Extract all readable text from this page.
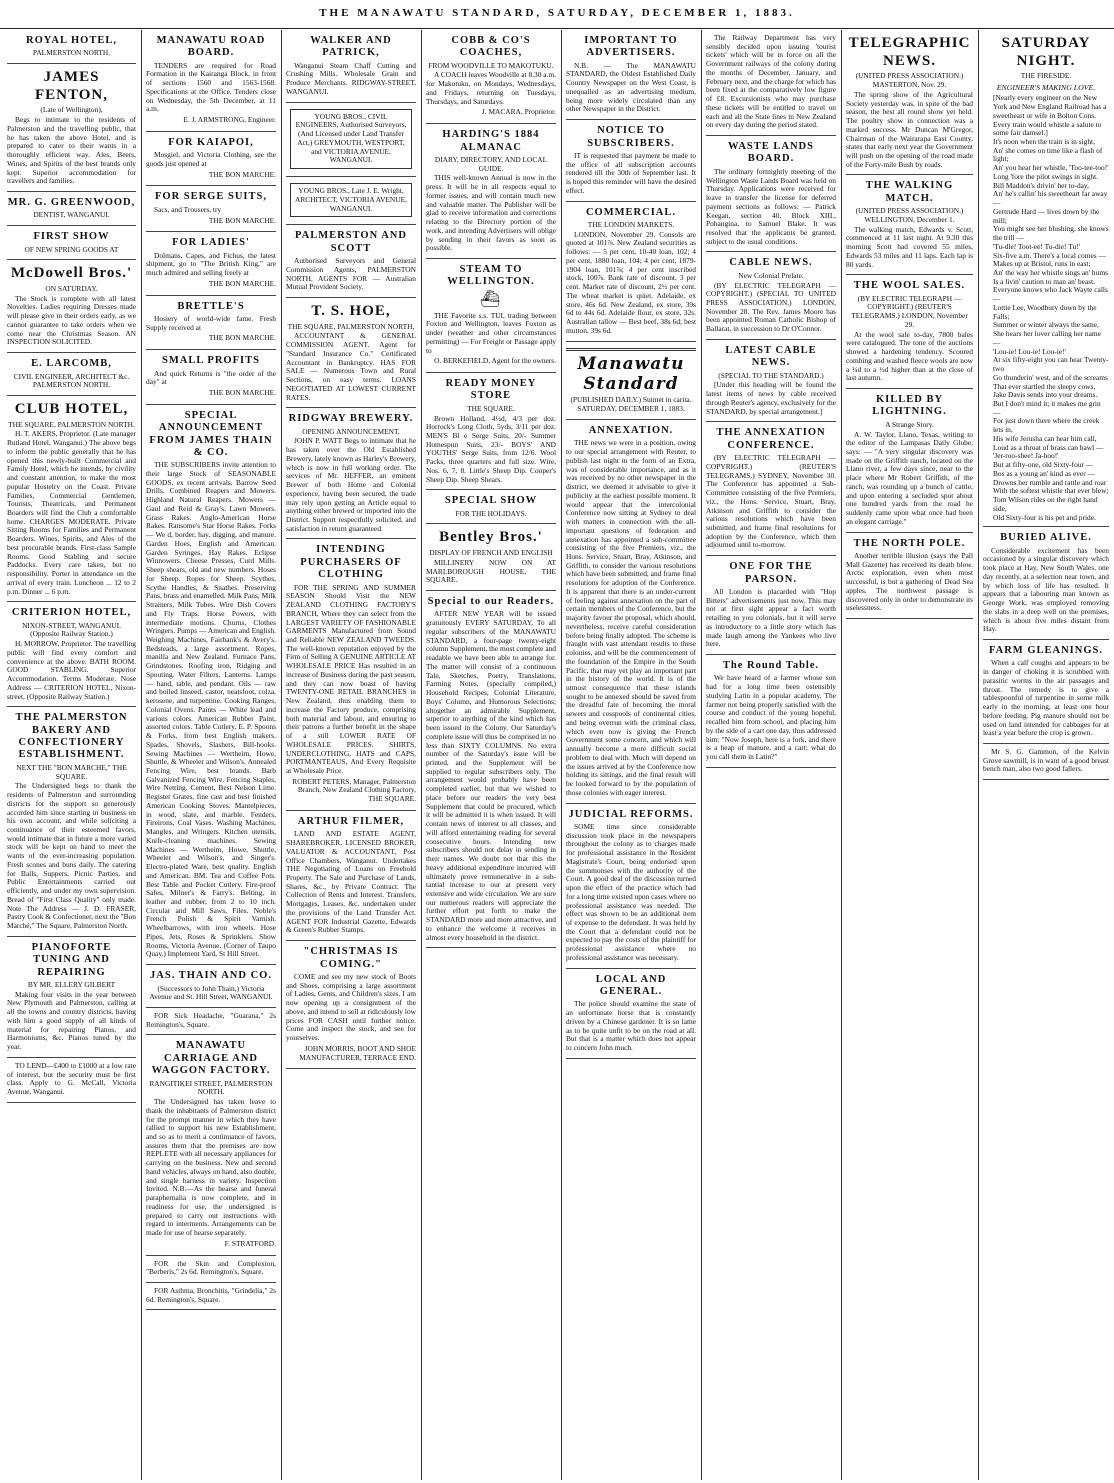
THE MANAWATU STANDARD, SATURDAY, DECEMBER 1, 1883.
ROYAL HOTEL,
PALMERSTON NORTH.
JAMES FENTON,
(Late of Wellington),
Begs to intimate to the residents of Palmerston and the travelling public, that he has taken the above Hotel, and is prepared to cater to their wants in a thoroughly efficient way. Ales, Beers, Wines, and Spirits of the best brands only kept. Superior accommodation for travellers and families.
MR. G. GREENWOOD,
DENTIST, WANGANUI.
FIRST SHOW
OF NEW SPRING GOODS AT
McDowell Bros.'
ON SATURDAY.
The Stock is complete with all latest Novelties. Ladies requiring Dresses made will please give in their orders early, as we cannot guarantee to take orders when we come near the Christmas Season. AN INSPECTION SOLICITED.
E. LARCOMB,
CIVIL ENGINEER, ARCHITECT &c. PALMERSTON NORTH.
CLUB HOTEL,
THE SQUARE, PALMERSTON NORTH.
H. T. AKERS, Proprietor. (Late manager Rutland Hotel, Wanganui.) The above begs to inform the public generally that he has opened this newly-built Commercial and Family Hotel, which he intends, by civility and constant attention, to make the most popular Hostelry on the Coast. Private Families, Commercial Gentlemen, Tourists, Theatricals, and Permanent Boarders will find the Club a comfortable home. CHARGES MODERATE. Private Sitting Rooms for Families and Permanent Boarders. Wines, Spirits, and Ales of the best procurable brands. First-class Sample Rooms. Good Stabling and secure Paddocks. Every care taken, but no responsibility. Porter in attendance on the arrival of every train. Luncheon ... 12 to 2 p.m. Dinner ... 6 p.m.
CRITERION HOTEL,
NIXON-STREET, WANGANUI. (Opposite Railway Station.)
H. MORROW, Proprietor. The travelling public will find every comfort and convenience at the above. BATH ROOM. GOOD STABLING. Superior Accommodation. Terms Moderate. Nose Address — CRITERION HOTEL, Nixon-street, (Opposite Railway Station.)
THE PALMERSTON BAKERY AND CONFECTIONERY ESTABLISHMENT.
NEXT THE "BON MARCHE," THE SQUARE.
The Undersigned begs to thank the residents of Palmerston and surrounding districts for the support so generously accorded him since starting in business on his own account, and while soliciting a continuance of their esteemed favors, would intimate that in future a more varied stock will be kept on hand to meet the wants of the ever-increasing population. Fresh scones and buns daily. The catering for Balls, Suppers, Picnic Parties, and Public Entertainments carried out efficiently, and under my own supervision. Bread of "First Class Quality" only made. Note The Address — J. D. FRASER, Pastry Cook & Confectioner, next the "Bon Marché," The Square, Palmerston North.
PIANOFORTE TUNING AND REPAIRING
BY MR. ELLERY GILBERT
Making four visits in the year between New Plymouth and Palmerston, calling at all the towns and country districts, having with him a good supply of all kinds of material for repairing Pianos, and Harmoniums, &c. Pianos tuned by the year.
TO LEND—£400 to £1000 at a low rate of interest, but the security must be first class. Apply to G. McCall, Victoria Avenue, Wanganui.
MANAWATU ROAD BOARD.
TENDERS are required for Road Formation in the Kairanga Block, in front of sections 1560 and 1563-1568. Specifications at the Office. Tenders close on Wednesday, the 5th December, at 11 a.m.
E. J. ARMSTRONG, Engineer.
FOR KAIAPOI,
Mosgiel, and Victoria Clothing, see the goods just opened at
THE BON MARCHE.
FOR SERGE SUITS,
Sacs, and Trousers, try
THE BON MARCHE.
FOR LADIES'
Dolmans, Capes, and Fichus, the latest shipment, go to "The British King," are much admired and selling freely at
THE BON MARCHE.
BRETTLE'S
Hosiery of world-wide fame. Fresh Supply received at
THE BON MARCHE.
SMALL PROFITS
And quick Returns is "the order of the day" at
THE BON MARCHE.
SPECIAL ANNOUNCEMENT FROM JAMES THAIN & CO.
THE SUBSCRIBERS invite attention to their large Stock of SEASONABLE GOODS, ex recent arrivals. Barrow Seed Drills. Combined Reapers and Mowers. Highland Natural Reapers. Mowers — Gaul and Reid & Gray's. Lawn Mowers. Grass Rakes. Anglo-American Horse Rakes. Ransome's Star Horse Rakes. Forks — We d, border, hay, digging, and manure. Garden Hoes, English and American. Garden Syringes, Hay Rakes. Eclipse Winnowers. Cheese Presses, Curd Mills. Sheep shears, old and new numbers. Hoses for Sheep. Ropes for Sheep. Scythes, Scythe Handles, & Snathes. Preserving Pans, brass and enamelled. Milk Pans, Milk Strainers, Milk Tubes. Wire Dish Covers and Fly Traps. Horse Powers, with intermediate motions. Churns, Clothes Wringers. Pumps — American and English. Weighing Machines, Fairbank's & Avery's. Bedsteads, a large assortment. Ropes, manilla and New Zealand. Furnace Pans, Grindstones. Roofing iron, Ridging and Spouting. Water Filters, Lanterns. Lamps — hand, table, and pendant. Oils — raw and boiled linseed, castor, neatsfoot, colza, kerosene, and turpentine. Cooking Ranges, Colonial Ovens. Paints — White lead and various colors. American Rubber Paint, assorted colors. Table Cutlery, E. P. Spoons & Forks, from best English makers. Spades, Shovels, Slashers, Bill-hooks. Sewing Machines — Wertheim, Howe, Shuttle, & Wheeler and Wilson's. Annealed Fencing Wire, best brands. Barb Galvanized Fencing Wire. Fencing Staples, Wire Netting. Cement, Best Nelson Lime. Register Grates, fine cast and best finished American Cooking Stoves. Mantelpieces, in wood, slate, and marble. Fenders, Fireirons, Coal Vases. Washing Machines, Mangles, and Wringers. Kitchen utensils, Knife-cleaning machines. Sewing Machines — Wertheim, Howe, Shuttle, Wheeler and Wilson's, and Singer's. Electro-plated Ware, best quality. English and American. BM. Tea and Coffee Pots. Best Table and Pocket Cutlery. Fire-proof Safes, Milner's & Farry's. Belting, in leather and rubber, from 2 to 10 inch. Circular and Mill Saws, Files. Noble's French Polish & Spirit Varnish. Wheelbarrows, with iron wheels. Hose Pipes, Jets, Roses & Sprinklers. Show Rooms, Victoria Avenue. (Corner of Taupo Quay.) Implement Yard, St Hill Street.
JAS. THAIN AND CO.
(Successors to John Thain,) Victoria Avenue and St. Hill Street, WANGANUI.
FOR Sick Headache, "Guarana," 2s Remington's, Square.
MANAWATU CARRIAGE AND WAGGON FACTORY.
RANGITIKEI STREET, PALMERSTON NORTH.
The Undersigned has taken leave to thank the inhabitants of Palmerston district for the prompt manner in which they have rallied to support his new Establishment, and so as to merit a continuance of favors, assures them that the premises are now REPLETE with all necessary appliances for carrying on the business. New and second hand vehicles, always on hand, also double, and single harness in variety. Inspection Invited. N.B.—As the hearse and funeral paraphernalia is now complete, and in readiness for use, the undersigned is prepared to carry out instructions with regard to interments. Arrangements can be made for use of hearse separately.
F. STRATFORD.
FOR the Skin and Complexion, "Berberis," 2s 6d. Remington's, Square.
FOR Asthma, Bronchitis, "Grindelia," 2s 6d. Remington's, Square.
WALKER AND PATRICK,
Wanganui Steam Chaff Cutting and Crushing Mills. Wholesale Grain and Produce Merchants. RIDGWAY-STREET, WANGANUI.
YOUNG BROS., CIVIL ENGINEERS, Authorised Surveyors, (And Licensed under Land Transfer Act,) GREYMOUTH, WESTPORT, and VICTORIA AVENUE, WANGANUI.
YOUNG BROS., Late J. E. Wright, ARCHITECT, VICTORIA AVENUE, WANGANUI.
PALMERSTON AND SCOTT
Authorised Surveyors and General Commission Agents, PALMERSTON NORTH. AGENTS FOR — Australian Mutual Provident Society.
T. S. HOE,
THE SQUARE, PALMERSTON NORTH,
ACCOUNTANT & GENERAL COMMISSION AGENT. Agent for "Standard Insurance Co." Certificated Accountant in Bankruptcy. HAS FOR SALE — Numerous Town and Rural Sections, on easy terms. LOANS NEGOTIATED AT LOWEST CURRENT RATES.
RIDGWAY BREWERY.
OPENING ANNOUNCEMENT.
JOHN P. WATT Begs to intimate that he has taken over the Old Established Brewery, lately known as Harley's Brewery, which is now in full working order. The services of Mr. HEFFER, an eminent Brewer of both Home and Colonial experience, having been secured, the trade may rely upon getting an Article equal to anything either brewed or imported into the District. Support respectfully solicited, and satisfaction in return guaranteed.
INTENDING PURCHASERS OF CLOTHING
FOR THE SPRING AND SUMMER SEASON Should Visit the NEW ZEALAND CLOTHING FACTORY'S BRANCH, Where they can select from the LARGEST VARIETY OF FASHIONABLE GARMENTS Manufactured from Sound and Reliable NEW ZEALAND TWEEDS. The well-known reputation enjoyed by the Firm of Selling A GENUINE ARTICLE AT WHOLESALE PRICE Has resulted in an increase of Business during the past season, and they can now boast of having TWENTY-ONE RETAIL BRANCHES in New Zealand, thus enabling them to increase the Factory produce, comprising both material and labour, and ensuring to their patrons a further benefit in the shape of a still LOWER RATE OF WHOLESALE PRICES. SHIRTS, UNDERCLOTHING, HATS and CAPS, PORTMANTEAUS, And Every Requisite at Wholesale Price.
ROBERT PETERS, Manager, Palmerston Branch, New Zealand Clothing Factory, THE SQUARE.
ARTHUR FILMER,
LAND AND ESTATE AGENT, SHAREBROKER, LICENSED BROKER, VALUATOR & ACCOUNTANT, Post Office Chambers, Wanganui. Undertakes THE Negotiating of Loans on Freehold Property. The Sale and Purchase of Lands, Shares, &c., by Private Contract. The Collection of Rents and Interest. Transfers, Mortgages, Leases, &c. undertaken under the provisions of the Land Transfer Act. AGENT FOR Industrial Gazette, Edwards & Green's Rubber Stamps.
"CHRISTMAS IS COMING."
COME and see my new stock of Boots and Shoes, comprising a large assortment of Ladies, Gents, and Children's sizes. I am now opening up a consignment of the above, and intend to sell at ridiculously low prices FOR CASH until further notice. Come and inspect the stock, and see for yourselves.
JOHN MORRIS, BOOT AND SHOE MANUFACTURER, TERRACE END.
COBB & CO'S COACHES,
FROM WOODVILLE TO MAKOTUKU.
A COACH leaves Woodville at 8.30 a.m. for Makotuku, on Mondays, Wednesdays, and Fridays, returning on Tuesdays, Thursdays, and Saturdays.
J. MACARA, Proprietor.
HARDING'S 1884 ALMANAC
DIARY, DIRECTORY, AND LOCAL GUIDE.
THIS well-known Annual is now in the press. It will be in all respects equal to former issues, and will contain much new and valuable matter. The Publisher will be glad to receive information and corrections relating to the Directory portion of the work, and intending Advertisers will oblige by sending in their favors as soon as possible.
STEAM TO WELLINGTON.
⛴
THE Favorite s.s. TUI, trading between Foxton and Wellington, leaves Foxton as under (weather and other circumstances permitting) — For Freight or Passage apply to
O. BERKEFIELD, Agent for the owners.
READY MONEY STORE
THE SQUARE.
Brown Holland, 4½d, 4/3 per doz. Horrock's Long Cloth, 5yds, 3/11 per doz. MEN'S Bl e Serge Suits, 20/- Summer Homespun Suits, 23/- BOYS' AND YOUTHS' Serge Suits, from 12/6. Wool Packs, three quarters and full size. Wire, Nos. 6, 7, 8. Little's Sheep Dip. Cooper's Sheep Dip. Sheep Shears.
SPECIAL SHOW
FOR THE HOLIDAYS.
Bentley Bros.'
DISPLAY OF FRENCH AND ENGLISH
MILLINERY NOW ON AT MARLBOROUGH HOUSE, THE SQUARE.
Special to our Readers.
AFTER NEW YEAR will be issued gratuitously EVERY SATURDAY, To all regular subscribers of the MANAWATU STANDARD, a four-page twenty-eight column Supplement, the most complete and readable we have been able to arrange for. The matter will consist of a continuous Tale, Sketches, Poetry, Translations, Farming Notes, (specially compiled,) Household Recipes, Colonial Literature, Boys' Column, and Humorous Selections; altogether an admirable Supplement, superior to anything of the kind which has been issued in the Colony. Our Saturday's complete issue will thus be comprised in no less than SIXTY COLUMNS. No extra number of the Saturday's issue will be printed, and the Supplement will be supplied to regular subscribers only. The arrangement would probably have been completed earlier, but that we wished to place before our readers the very best Supplement that could be procured, which it will be admitted it is when issued. It will contain news of interest to all classes, and will afford entertaining reading for several consecutive hours. Intending new subscribers should not delay in sending in their names. We doubt not that this the heavy additional expenditure incurred will ultimately prove remunerative in a sub-tantial increase to our at present very extensive and wide circulation. We are sure our numerous readers will appreciate the further effort put forth to make the STANDARD more and more attractive, and to enhance the welcome it receives in almost every household in the district.
IMPORTANT TO ADVERTISERS.
N.B. — The MANAWATU STANDARD, the Oldest Established Daily Country Newspaper on the West Coast, is unequalled as an advertising medium, being more widely circulated than any other Newspaper in the District.
NOTICE TO SUBSCRIBERS.
IT is requested that payment be made to the office of all subscription accounts rendered till the 30th of September last. It is hoped this reminder will have the desired effect.
COMMERCIAL.
THE LONDON MARKETS.
LONDON, November 29. Consols are quoted at 101⅞. New Zealand securities as follows: — 5 per cent, 10-40 loan, 102; 4 per cent, 1880 loan, 104; 4 per cent, 1879-1904 loan, 101⅞; 4 per cent inscribed stock, 100⅞. Bank rate of discount, 3 per cent. Market rate of discount, 2½ per cent. The wheat market is quiet. Adelaide, ex store, 46s 6d. New Zealand, ex store, 39s 6d to 44s 6d. Adelaide flour, ex store, 32s. Australian tallow — Best beef, 38s 6d; best mutton, 39s 6d.
Manawatu Standard
(PUBLISHED DAILY.) Suimet in carita.
SATURDAY, DECEMBER 1, 1883.
ANNEXATION.
THE news we were in a position, owing to our special arrangement with Reuter, to publish last night in the form of an Extra, was of considerable importance, and as it was received by no other newspaper in the district, we deemed it advisable to give it publicity at the earliest possible moment. It would appear that the intercolonial Conference now sitting at Sydney to deal with matters in connection with the all-important questions of federation and annexation has appointed a sub-committee consisting of the five Premiers, viz., the Hons. Service, Stuart, Bray, Atkinson, and Griffith, to consider the various resolutions which have been submitted, and frame final resolutions for adoption of the Conference. It is apparent that there is an under-current of feeling against annexation on the part of certain members of the Conference, but the majority favour the proposal, which should, nevertheless, receive careful consideration before being finally adopted. The scheme is fraught with vast attendant results to these colonies, and will be the commencement of the foundation of the Empire in the South Pacific, that may yet play an important part in the history of the world. It is of the utmost consequence that these islands sought to be annexed should be saved from the dreadful fate of becoming the moral sewers and cesspools of continental cities, and being overrun with the criminal class, which even now is giving the French Government some concern, and which will annually become a more difficult social problem to deal with. Much will depend on the issues arrived at by the Conference now holding its sittings, and the final result will be looked forward to by the population of those colonies with eager interest.
JUDICIAL REFORMS.
SOME time since considerable discussion took place in the newspapers throughout the colony as to charges made for professional assistance in the Resident Magistrate's Court, being endorsed upon the summonses with the authority of the Court. A good deal of the discussion turned upon the effect of the practice which had for a long time existed upon cases where no professional assistance was needed. The effect was shown to be an additional item of expense to the defendant. It was held by the Court that a defendant could not be expected to pay the costs of the plaintiff for professional assistance where no professional assistance was necessary.
LOCAL AND GENERAL.
The police should examine the state of an unfortunate horse that is constantly driven by a Chinese gardener. It is so lame as to be quite unfit to be on the road at all. But that is a matter which does not appear to concern John much.
The Railway Department has very sensibly decided upon issuing 'tourist tickets' which will be in force on all the Government railways of the colony during the months of December, January, and February next, and the charge for which has been fixed at the comparatively low figure of £8. Excursionists who may purchase these tickets will be entitled to travel on each and all the State lines in New Zealand on every day during the period stated.
WASTE LANDS BOARD.
The ordinary fortnightly meeting of the Wellington Waste Lands Board was held on Thursday. Applications were received for leave to transfer the license for deferred payment sections as follows: — Patrick Keegan, section 40, Block XIII., Pohangina, to Samuel Blake. It was resolved that the applicants be granted, subject to the usual conditions.
CABLE NEWS.
New Colonial Prelate.
(BY ELECTRIC TELEGRAPH — COPYRIGHT.) (SPECIAL TO UNITED PRESS ASSOCIATION.) LONDON, November 28. The Rev. James Moore has been appointed Roman Catholic Bishop of Ballarat, in succession to Dr O'Connor.
LATEST CABLE NEWS.
(SPECIAL TO THE STANDARD.)
[Under this heading will be found the latest items of news by cable received through Reuter's agency, exclusively for the STANDARD, by special arrangement.]
THE ANNEXATION CONFERENCE.
(BY ELECTRIC TELEGRAPH — COPYRIGHT.) (REUTER'S TELEGRAMS.) SYDNEY, November 30. The Conference has appointed a Sub-Committee consisting of the five Premiers, viz., the Hons. Service, Stuart, Bray, Atkinson and Griffith to consider the various resolutions which have been submitted, and frame final resolutions for adoption by the Conference, which then adjourned until to-morrow.
ONE FOR THE PARSON.
All London is placarded with "Hop Bitters" advertisements just now. This may not at first sight appear a fact worth retailing to you colonials, but it will serve as introductory to a little story which has made laugh among the Yankees who live here.
The Round Table.
We have heard of a farmer whose son had for a long time been ostensibly studying Latin in a popular academy. The farmer not being properly satisfied with the course and conduct of the young hopeful, recalled him from school, and placing him by the side of a cart one day, thus addressed him: "Now Joseph, here is a fork, and there is a heap of manure, and a cart; what do you call them in Latin?"
TELEGRAPHIC NEWS.
(UNITED PRESS ASSOCIATION.) MASTERTON, Nov. 29.
The spring show of the Agricultural Society yesterday was, in spite of the bad season, the best all round show yet held. The poultry show in connection was a marked success. Mr Duncan M'Gregor, Chairman of the Wairarapa East County, states that early next year the Government will push on the opening of the road made of the Forty-mile Bush by roads.
THE WALKING MATCH.
(UNITED PRESS ASSOCIATION.) WELLINGTON, December 1.
The walking match, Edwards v. Scott, commenced at 11 last night. At 9.30 this morning Scott had covered 55 miles, Edwards 53 miles and 11 laps. Each lap is 80 yards.
THE WOOL SALES.
(BY ELECTRIC TELEGRAPH — COPYRIGHT.) (REUTER'S TELEGRAMS.) LONDON, November 29.
At the wool sale to-day, 7800 bales were catalogued. The tone of the auctions showed a hardening tendency. Scoured combing and washed fleece wools are now a ¼d to a ½d higher than at the close of last autumn.
KILLED BY LIGHTNING.
A Strange Story.
A. W. Taylor, Llano, Texas, writing to the editor of the Lampasas Daily Globe, says: — "A very singular discovery was made on the Griffith ranch, located on the Llano river, a few days since, near to the place where Mr Robert Griffith, of the ranch, was rounding up a bunch of cattle, and upon entering a secluded spot about one hundred yards from the road he suddenly came upon what once had been an elegant carriage."
THE NORTH POLE.
Another terrible illusion (says the Pall Mall Gazette) has received its death blow. Arctic exploration, even when most successful, is but a gathering of Dead Sea apples. The northwest passage is discovered only in order to demonstrate its uselessness.
SATURDAY NIGHT.
THE FIRESIDE.
ENGINEER'S MAKING LOVE.
[Nearly every engineer on the New York and New England Railroad has a sweetheart or wife in Bolton Cons. Every train would whistle a salute to some fair damsel.]
It's noon when the train is in sight,
An' she comes on time like a flash of light;
An' you hear her whistle, 'Too-tee-too!'
Long 'fore the pilot swings in sight.
Bill Maddon's drivin' her to-day,
An' he's callin' his sweetheart far away —
Gertrude Hard — lives down by the mill;
You might see her blushing, she knows the trill —
'Tu-dle! Toot-ee! Tu-die! Tu!'
Six-five a.m. There's a local comes —
Makes up at Bristol, runs in east;
An' the way her whistle sings an' hums
Is a livin' caution to man an' beast.
Everyone knows who Jack Wayte calls —
Lottie Lee, Woodbury down by the Falls;
Summer or winter always the same,
She hears her lover calling her name —
'Lou-ie! Lou-ie! Lou-ie!'
At six fifty-eight you can hear Twenty-two
Go thunderin' west, and of the screams
That ever startled the sleepy cows,
Jake Davis sends into your dreams.
But I don't mind it; it makes me grin —
For just down there where the creek lets in,
His wife Jerusha can hear him call,
Loud as a throat of brass can bawl —
'Jer-roo-shee! Ja-hoo!'
But at fifty-one, old Sixty-four —
Bos as a young an' kind as ever —
Drowns her rumble and rattle and roar
With the softest whistle that ever blew;
Tom Wilson rides on the right hand side,
Old Sixty-four is his pet and pride.
BURIED ALIVE.
Considerable excitement has been occasioned by a singular discovery which took place at Hay, New South Wales, one day recently, at a selection near town, and by which loss of life has resulted. It appears that a labouring man known as George Work, was employed removing the slabs in a deep well on the premises, which is about five miles distant from Hay.
FARM GLEANINGS.
When a calf coughs and appears to be in danger of choking it is scrubbed with parasitic worms in the air passages and throat. The remedy is to give a tablespoonful of turpentine in some milk early in the morning, at least one hour before feeding. Pig manure should not be used on land intended for cabbages for at least a year before the crop is grown.
Mr S. G. Gammon, of the Kelvin Grove sawmill, is in want of a good breast bench man, also two good fallers.
